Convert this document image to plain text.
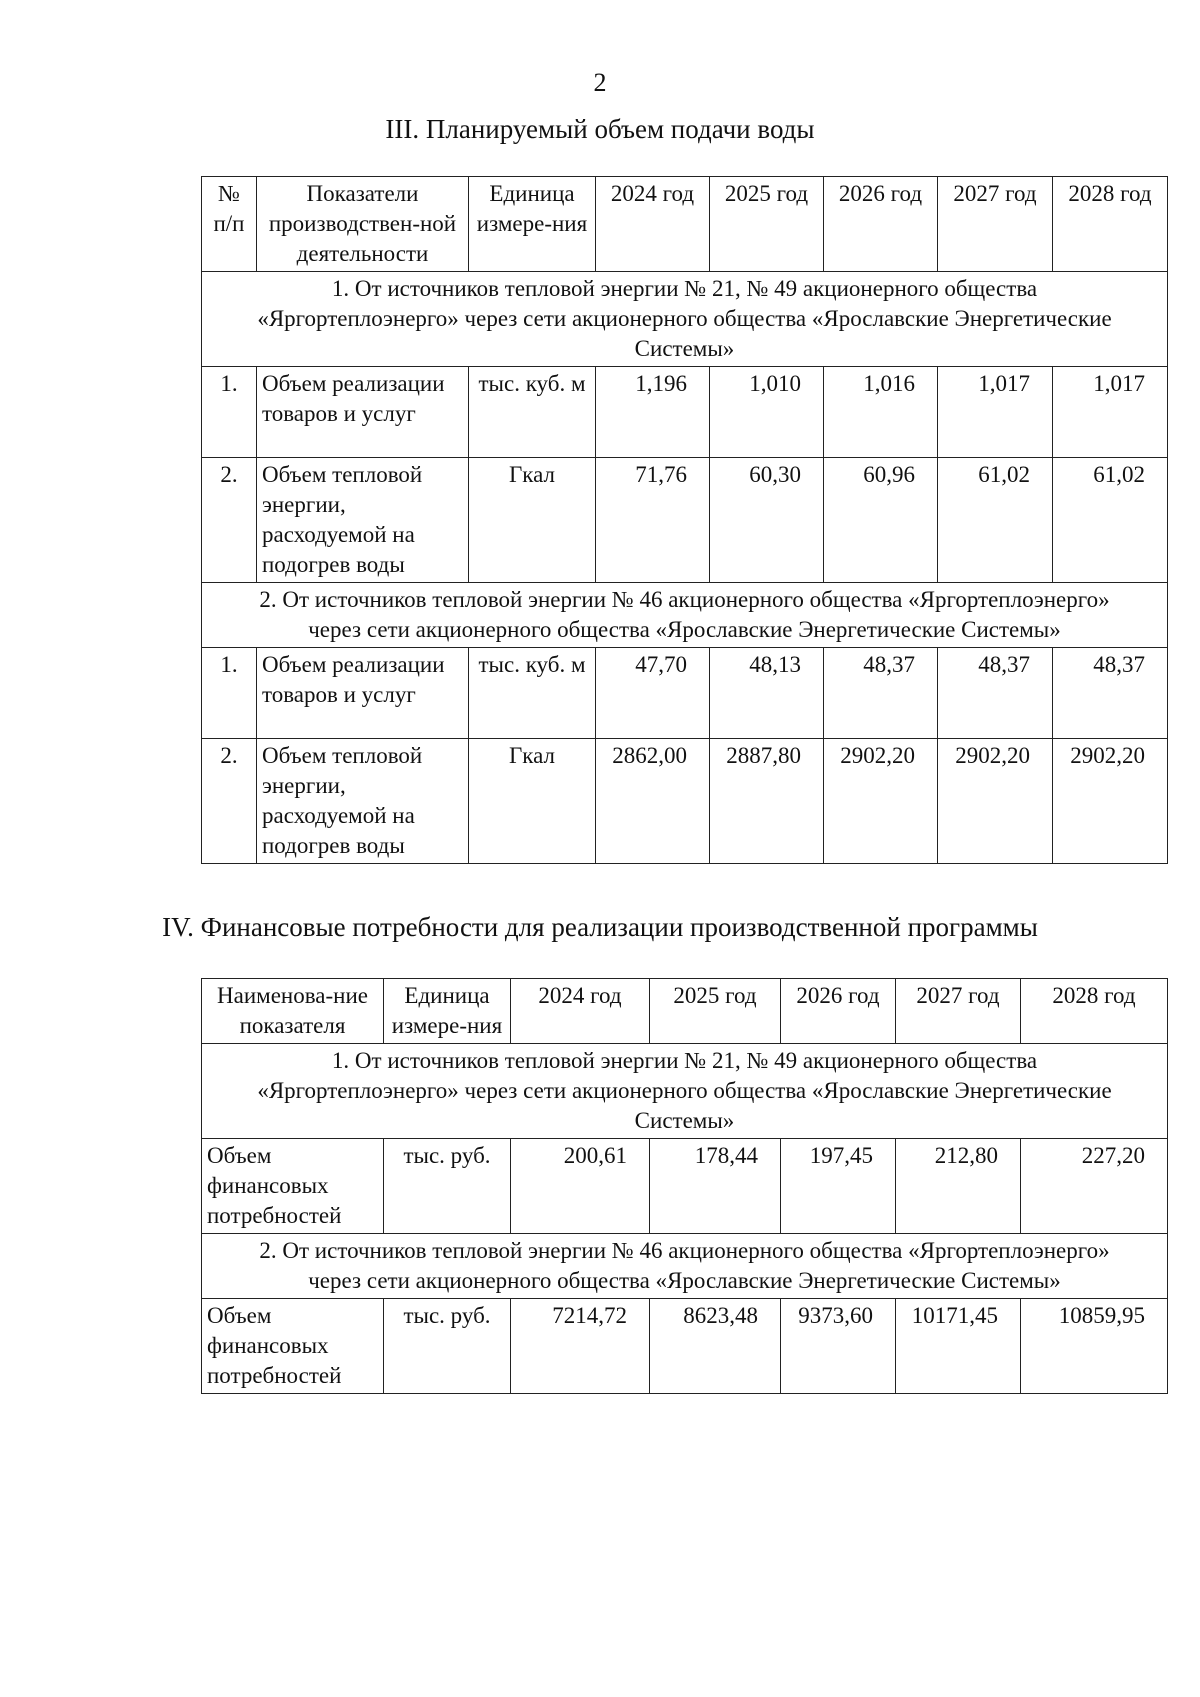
2
III. Планируемый объем подачи воды
№ п/п	Показатели производствен-ной деятельности	Единица измере-ния	2024 год	2025 год	2026 год	2027 год	2028 год
1. От источников тепловой энергии № 21, № 49 акционерного общества «Яргортеплоэнерго» через сети акционерного общества «Ярославские Энергетические Системы»							
1.	Объем реализации товаров и услуг	тыс. куб. м	1,196	1,010	1,016	1,017	1,017
2.	Объем тепловой энергии, расходуемой на подогрев воды	Гкал	71,76	60,30	60,96	61,02	61,02
2. От источников тепловой энергии № 46 акционерного общества «Яргортеплоэнерго» через сети акционерного общества «Ярославские Энергетические Системы»							
1.	Объем реализации товаров и услуг	тыс. куб. м	47,70	48,13	48,37	48,37	48,37
2.	Объем тепловой энергии, расходуемой на подогрев воды	Гкал	2862,00	2887,80	2902,20	2902,20	2902,20
IV. Финансовые потребности для реализации производственной программы
Наименова-ние показателя	Единица измере-ния	2024 год	2025 год	2026 год	2027 год	2028 год
1. От источников тепловой энергии № 21, № 49 акционерного общества «Яргортеплоэнерго» через сети акционерного общества «Ярославские Энергетические Системы»						
Объем финансовых потребностей	тыс. руб.	200,61	178,44	197,45	212,80	227,20
2. От источников тепловой энергии № 46 акционерного общества «Яргортеплоэнерго» через сети акционерного общества «Ярославские Энергетические Системы»						
Объем финансовых потребностей	тыс. руб.	7214,72	8623,48	9373,60	10171,45	10859,95
